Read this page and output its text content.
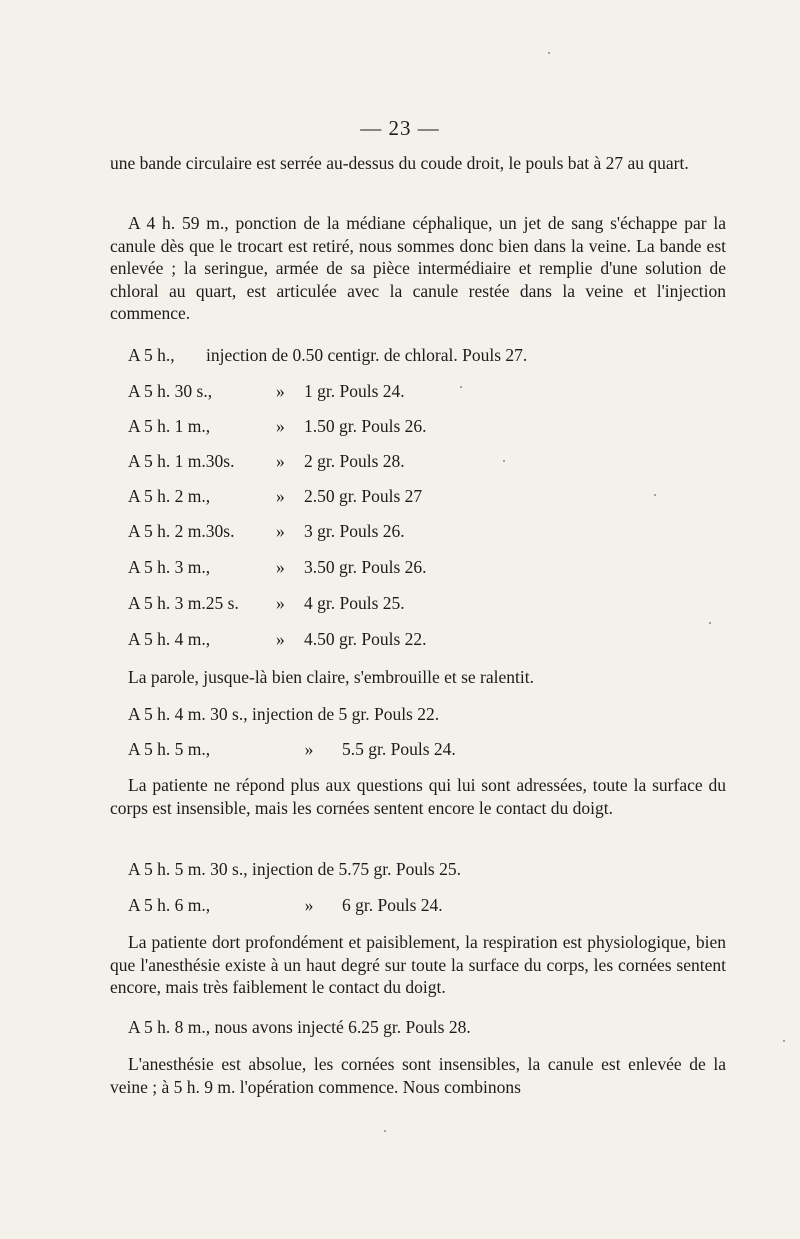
— 23 —

une bande circulaire est serrée au-dessus du coude droit, le pouls bat à 27 au quart.

A 4 h. 59 m., ponction de la médiane céphalique, un jet de sang s'échappe par la canule dès que le trocart est retiré, nous sommes donc bien dans la veine. La bande est enlevée ; la seringue, armée de sa pièce intermédiaire et remplie d'une solution de chloral au quart, est articulée avec la canule restée dans la veine et l'injection commence.

A 5 h., injection de 0.50 centigr. de chloral. Pouls 27.
A 5 h. 30 s.,	» 1 gr. Pouls 24.
A 5 h. 1 m.,	» 1.50 gr. Pouls 26.
A 5 h. 1 m.30s. » 2 gr. Pouls 28.
A 5 h. 2 m.,	» 2.50 gr. Pouls 27
A 5 h. 2 m.30s. » 3 gr. Pouls 26.
A 5 h. 3 m.,	» 3.50 gr. Pouls 26.
A 5 h. 3 m.25 s. » 4 gr. Pouls 25.
A 5 h. 4 m.,	» 4.50 gr. Pouls 22.
La parole, jusque-là bien claire, s'embrouille et se ralentit.
A 5 h. 4 m. 30 s., injection de 5 gr. Pouls 22.
A 5 h. 5 m.,	» 5.5 gr. Pouls 24.

La patiente ne répond plus aux questions qui lui sont adressées, toute la surface du corps est insensible, mais les cornées sentent encore le contact du doigt.

A 5 h. 5 m. 30 s., injection de 5.75 gr. Pouls 25.
A 5 h. 6 m.,	» 6 gr. Pouls 24.

La patiente dort profondément et paisiblement, la respiration est physiologique, bien que l'anesthésie existe à un haut degré sur toute la surface du corps, les cornées sentent encore, mais très faiblement le contact du doigt.

A 5 h. 8 m., nous avons injecté 6.25 gr. Pouls 28.

L'anesthésie est absolue, les cornées sont insensibles, la canule est enlevée de la veine ; à 5 h. 9 m. l'opération commence. Nous combinons
